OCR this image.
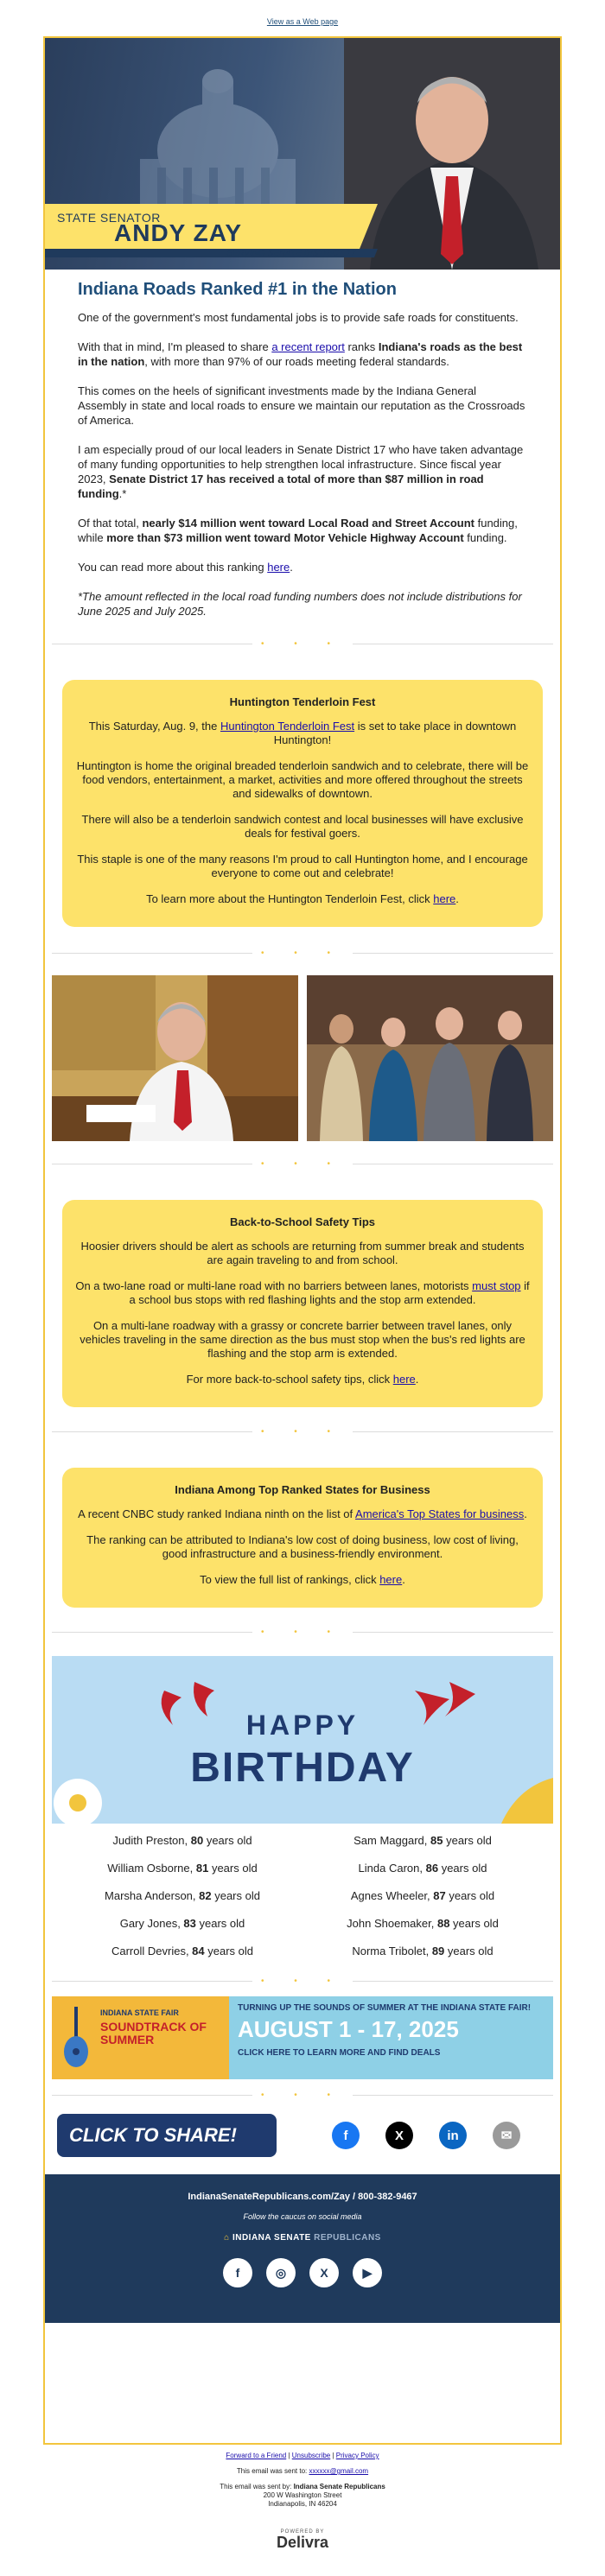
View as a Web page
STATE SENATOR
ANDY ZAY
SERVING SENATE DISTRICT 17
Indiana Roads Ranked #1 in the Nation

One of the government's most fundamental jobs is to provide safe roads for constituents.

With that in mind, I'm pleased to share a recent report ranks Indiana's roads as the best in the nation, with more than 97% of our roads meeting federal standards.

This comes on the heels of significant investments made by the Indiana General Assembly in state and local roads to ensure we maintain our reputation as the Crossroads of America.

I am especially proud of our local leaders in Senate District 17 who have taken advantage of many funding opportunities to help strengthen local infrastructure. Since fiscal year 2023, Senate District 17 has received a total of more than $87 million in road funding.*

Of that total, nearly $14 million went toward Local Road and Street Account funding, while more than $73 million went toward Motor Vehicle Highway Account funding.

You can read more about this ranking here.

*The amount reflected in the local road funding numbers does not include distributions for June 2025 and July 2025.

• • •
Huntington Tenderloin Fest

This Saturday, Aug. 9, the Huntington Tenderloin Fest is set to take place in downtown Huntington!

Huntington is home the original breaded tenderloin sandwich and to celebrate, there will be food vendors, entertainment, a market, activities and more offered throughout the streets and sidewalks of downtown.

There will also be a tenderloin sandwich contest and local businesses will have exclusive deals for festival goers.

This staple is one of the many reasons I'm proud to call Huntington home, and I encourage everyone to come out and celebrate!

To learn more about the Huntington Tenderloin Fest, click here.

• • •
• • •
Back-to-School Safety Tips

Hoosier drivers should be alert as schools are returning from summer break and students are again traveling to and from school.

On a two-lane road or multi-lane road with no barriers between lanes, motorists must stop if a school bus stops with red flashing lights and the stop arm extended.

On a multi-lane roadway with a grassy or concrete barrier between travel lanes, only vehicles traveling in the same direction as the bus must stop when the bus's red lights are flashing and the stop arm is extended.

For more back-to-school safety tips, click here.

• • •
Indiana Among Top Ranked States for Business

A recent CNBC study ranked Indiana ninth on the list of America's Top States for business.

The ranking can be attributed to Indiana's low cost of doing business, low cost of living, good infrastructure and a business-friendly environment.

To view the full list of rankings, click here.

• • •
HAPPY
BIRTHDAY
Judith Preston, 80 years old
William Osborne, 81 years old
Marsha Anderson, 82 years old
Gary Jones, 83 years old
Carroll Devries, 84 years old
Sam Maggard, 85 years old
Linda Caron, 86 years old
Agnes Wheeler, 87 years old
John Shoemaker, 88 years old
Norma Tribolet, 89 years old
• • •
INDIANA STATE FAIR
SOUNDTRACK OF SUMMER
TURNING UP THE SOUNDS OF SUMMER AT THE INDIANA STATE FAIR!
AUGUST 1 - 17, 2025
CLICK HERE TO LEARN MORE AND FIND DEALS
• • •
CLICK TO SHARE!	f	X	in	✉
IndianaSenateRepublicans.com/Zay / 800-382-9467
Follow the caucus on social media
⌂ INDIANA SENATE REPUBLICANS
f	◎	X	▶
Forward to a Friend | Unsubscribe | Privacy Policy
This email was sent to: xxxxxx@gmail.com
This email was sent by: Indiana Senate Republicans
200 W Washington Street
Indianapolis, IN 46204
POWERED BY
Delivra
